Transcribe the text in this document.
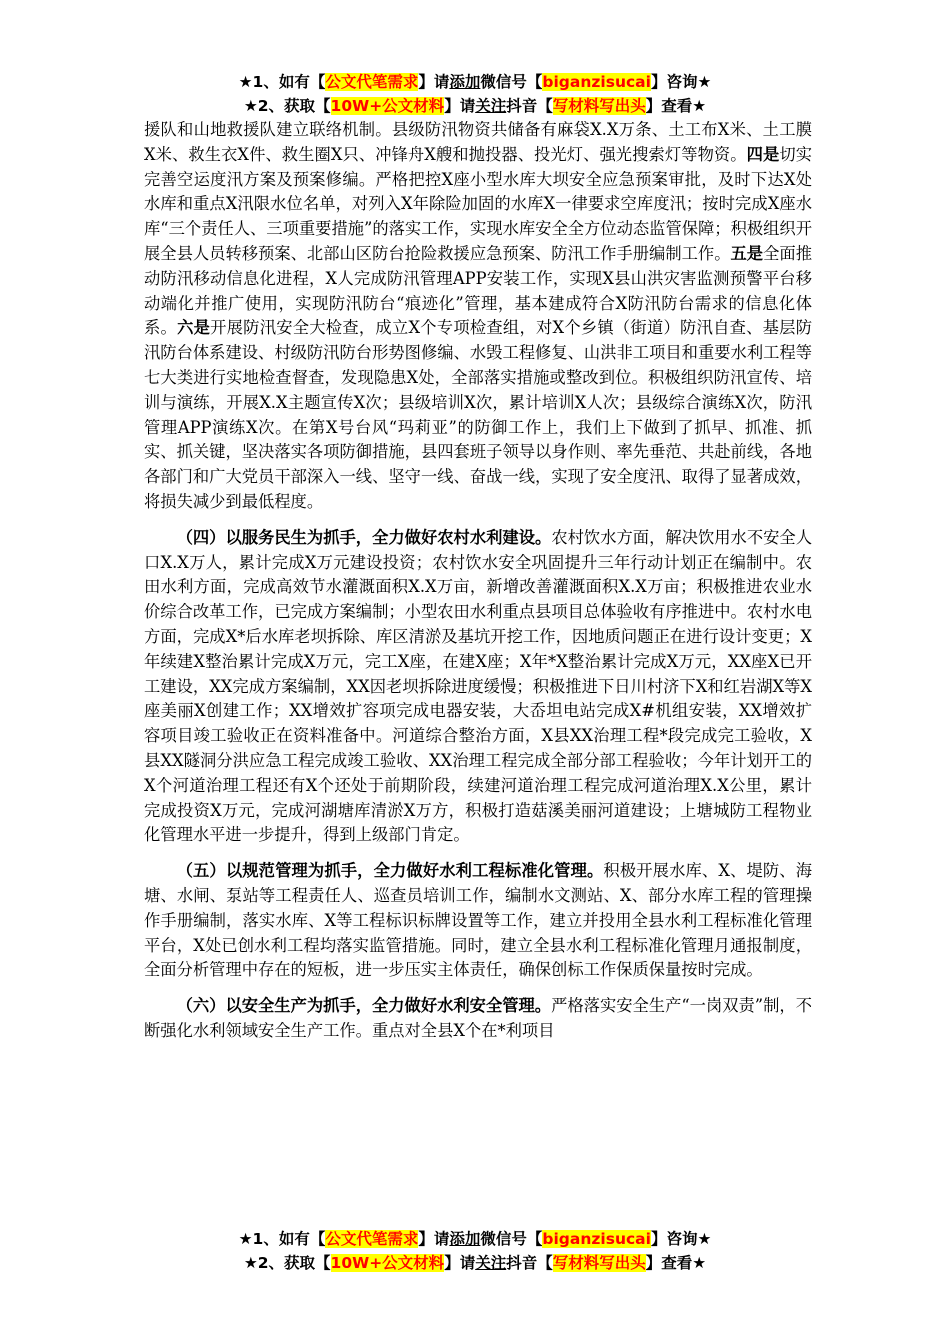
★1、如有【公文代笔需求】请添加微信号【biganzisucai】咨询★
★2、获取【10W+公文材料】请关注抖音【写材料写出头】查看★

援队和山地救援队建立联络机制。县级防汛物资共储备有麻袋X.X万条、土工布X米、土工膜X米、救生衣X件、救生圈X只、冲锋舟X艘和抛投器、投光灯、强光搜索灯等物资。四是切实完善空运度汛方案及预案修编。严格把控X座小型水库大坝安全应急预案审批，及时下达X处水库和重点X汛限水位名单，对列入X年除险加固的水库X一律要求空库度汛；按时完成X座水库“三个责任人、三项重要措施”的落实工作，实现水库安全全方位动态监管保障；积极组织开展全县人员转移预案、北部山区防台抢险救援应急预案、防汛工作手册编制工作。五是全面推动防汛移动信息化进程，X人完成防汛管理APP安装工作，实现X县山洪灾害监测预警平台移动端化并推广使用，实现防汛防台“痕迹化”管理，基本建成符合X防汛防台需求的信息化体系。六是开展防汛安全大检查，成立X个专项检查组，对X个乡镇（街道）防汛自查、基层防汛防台体系建设、村级防汛防台形势图修编、水毁工程修复、山洪非工项目和重要水利工程等七大类进行实地检查督查，发现隐患X处，全部落实措施或整改到位。积极组织防汛宣传、培训与演练，开展X.X主题宣传X次；县级培训X次，累计培训X人次；县级综合演练X次，防汛管理APP演练X次。在第X号台风“玛莉亚”的防御工作上，我们上下做到了抓早、抓准、抓实、抓关键，坚决落实各项防御措施，县四套班子领导以身作则、率先垂范、共赴前线，各地各部门和广大党员干部深入一线、坚守一线、奋战一线，实现了安全度汛、取得了显著成效，将损失减少到最低程度。

（四）以服务民生为抓手，全力做好农村水利建设。农村饮水方面，解决饮用水不安全人口X.X万人，累计完成X万元建设投资；农村饮水安全巩固提升三年行动计划正在编制中。农田水利方面，完成高效节水灌溉面积X.X万亩，新增改善灌溉面积X.X万亩；积极推进农业水价综合改革工作，已完成方案编制；小型农田水利重点县项目总体验收有序推进中。农村水电方面，完成X*后水库老坝拆除、库区清淤及基坑开挖工作，因地质问题正在进行设计变更；X年续建X整治累计完成X万元，完工X座，在建X座；X年*X整治累计完成X万元，XX座X已开工建设，XX完成方案编制，XX因老坝拆除进度缓慢；积极推进下日川村济下X和红岩湖X等X座美丽X创建工作；XX增效扩容项完成电器安装，大岙坦电站完成X#机组安装，XX增效扩容项目竣工验收正在资料准备中。河道综合整治方面，X县XX治理工程*段完成完工验收，X县XX隧洞分洪应急工程完成竣工验收、XX治理工程完成全部分部工程验收；今年计划开工的X个河道治理工程还有X个还处于前期阶段，续建河道治理工程完成河道治理X.X公里，累计完成投资X万元，完成河湖塘库清淤X万方，积极打造菇溪美丽河道建设；上塘城防工程物业化管理水平进一步提升，得到上级部门肯定。

（五）以规范管理为抓手，全力做好水利工程标准化管理。积极开展水库、X、堤防、海塘、水闸、泵站等工程责任人、巡查员培训工作，编制水文测站、X、部分水库工程的管理操作手册编制，落实水库、X等工程标识标牌设置等工作，建立并投用全县水利工程标准化管理平台，X处已创水利工程均落实监管措施。同时，建立全县水利工程标准化管理月通报制度，全面分析管理中存在的短板，进一步压实主体责任，确保创标工作保质保量按时完成。

（六）以安全生产为抓手，全力做好水利安全管理。严格落实安全生产“一岗双责”制，不断强化水利领域安全生产工作。重点对全县X个在*利项目

★1、如有【公文代笔需求】请添加微信号【biganzisucai】咨询★
★2、获取【10W+公文材料】请关注抖音【写材料写出头】查看★
